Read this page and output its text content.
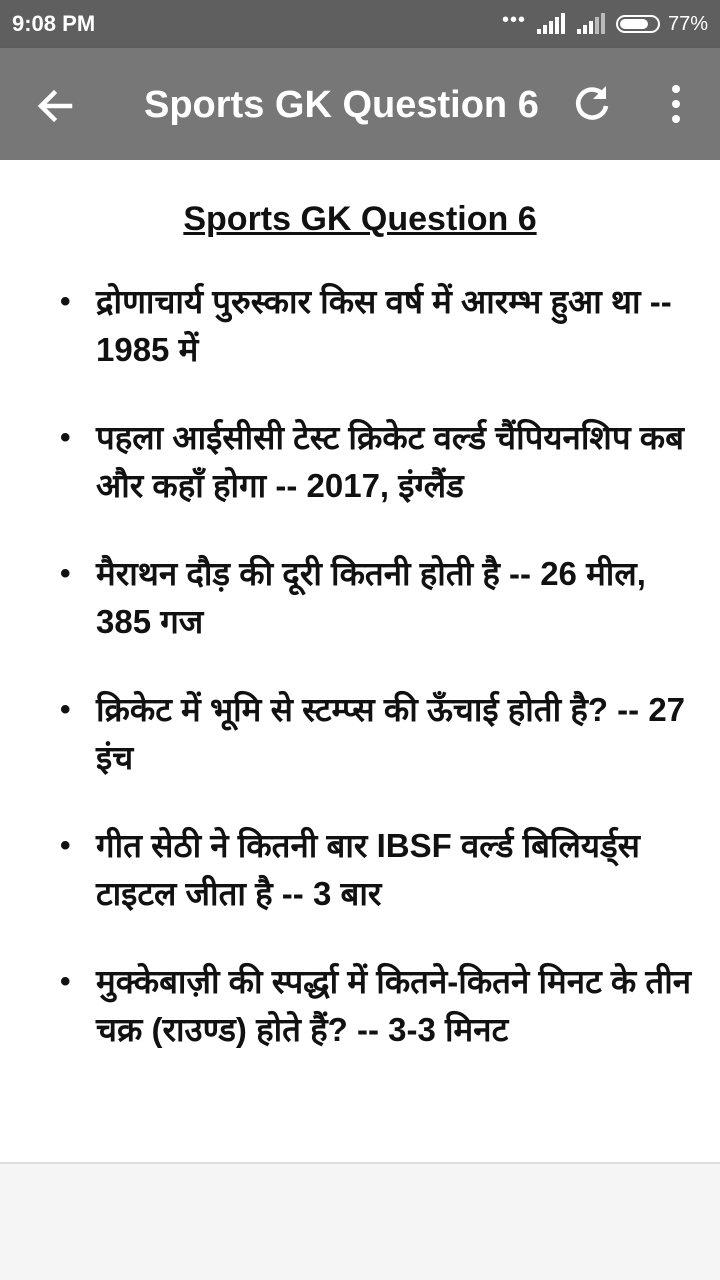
9:08 PM	•••	77%
Sports GK Question 6
Sports GK Question 6
• द्रोणाचार्य पुरुस्कार किस वर्ष में आरम्भ हुआ था -- 1985 में
• पहला आईसीसी टेस्ट क्रिकेट वर्ल्ड चैंपियनशिप कब और कहाँ होगा -- 2017, इंग्लैंड
• मैराथन दौड़ की दूरी कितनी होती है -- 26 मील, 385 गज
• क्रिकेट में भूमि से स्टम्प्स की ऊँचाई होती है? -- 27 इंच
• गीत सेठी ने कितनी बार IBSF वर्ल्ड बिलियर्ड्स टाइटल जीता है -- 3 बार
• मुक्केबाज़ी की स्पर्द्धा में कितने-कितने मिनट के तीन चक्र (राउण्ड) होते हैं? -- 3-3 मिनट
